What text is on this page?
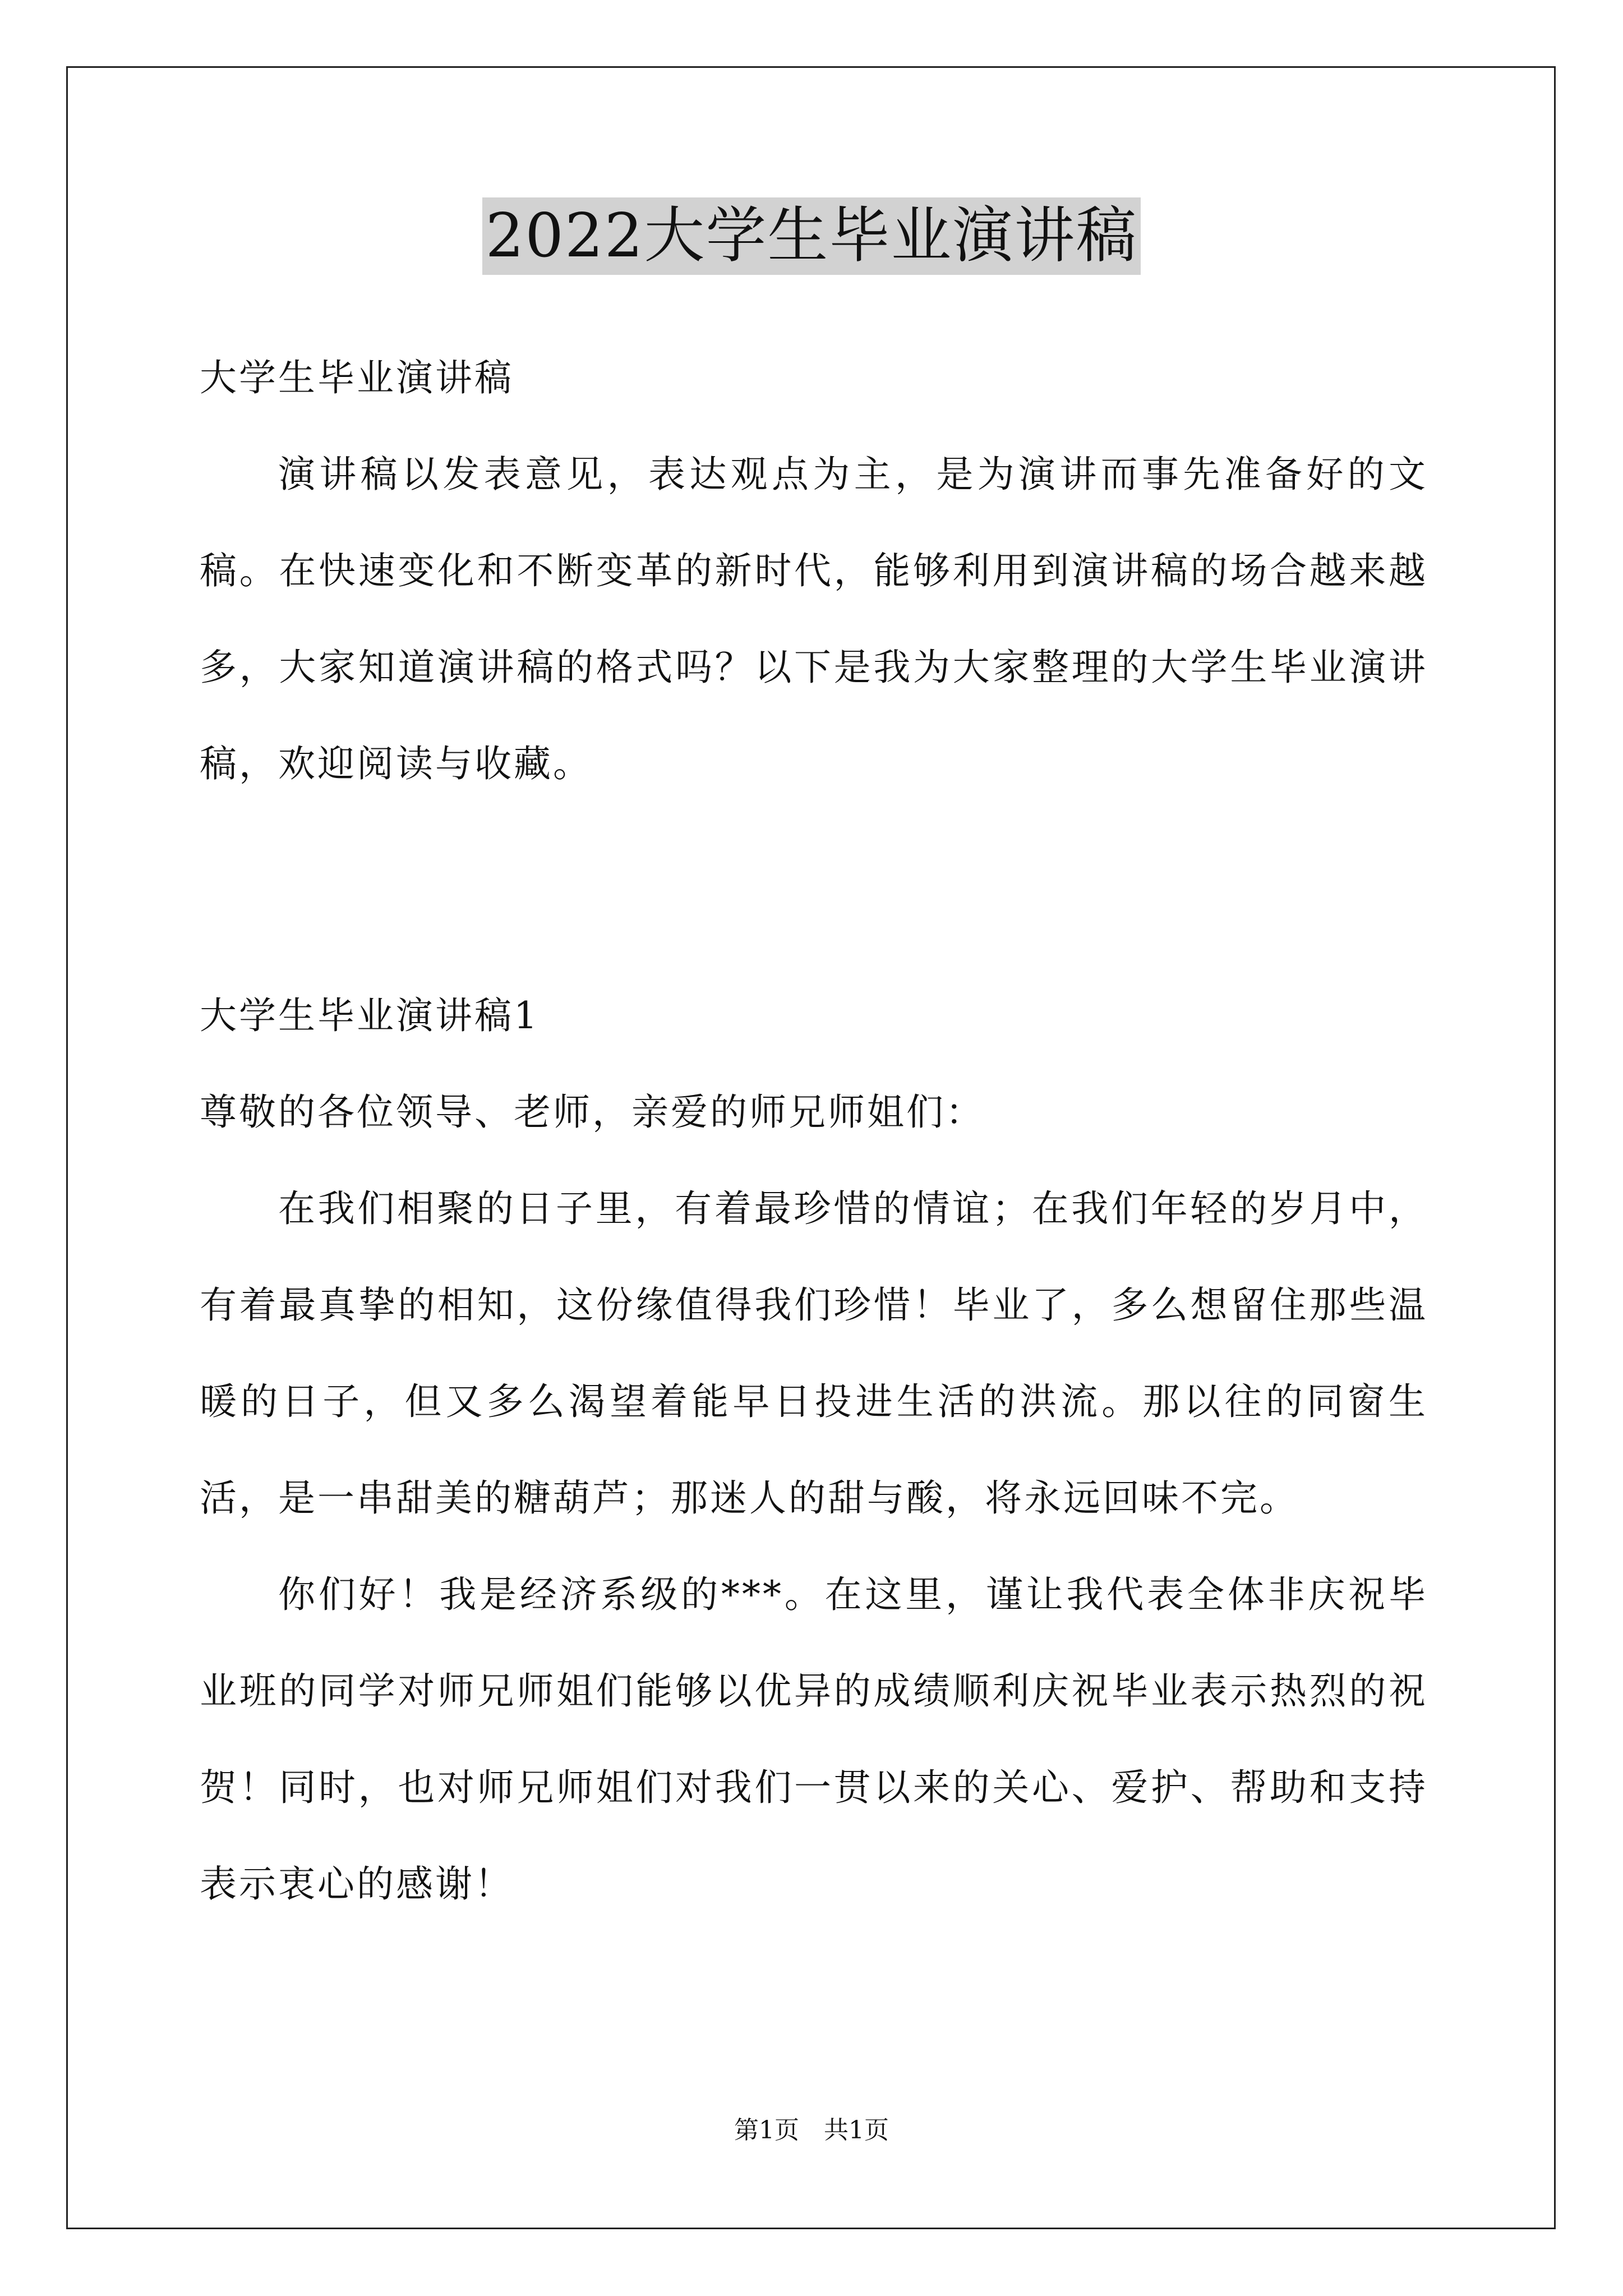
2022大学生毕业演讲稿

大学生毕业演讲稿

演讲稿以发表意见，表达观点为主，是为演讲而事先准备好的文稿。在快速变化和不断变革的新时代，能够利用到演讲稿的场合越来越多，大家知道演讲稿的格式吗？以下是我为大家整理的大学生毕业演讲稿，欢迎阅读与收藏。

大学生毕业演讲稿1

尊敬的各位领导、老师，亲爱的师兄师姐们：

在我们相聚的日子里，有着最珍惜的情谊；在我们年轻的岁月中，有着最真挚的相知，这份缘值得我们珍惜！毕业了，多么想留住那些温暖的日子，但又多么渴望着能早日投进生活的洪流。那以往的同窗生活，是一串甜美的糖葫芦；那迷人的甜与酸，将永远回味不完。

你们好！我是经济系级的***。在这里，谨让我代表全体非庆祝毕业班的同学对师兄师姐们能够以优异的成绩顺利庆祝毕业表示热烈的祝贺！同时，也对师兄师姐们对我们一贯以来的关心、爱护、帮助和支持表示衷心的感谢！

第1页　共1页
